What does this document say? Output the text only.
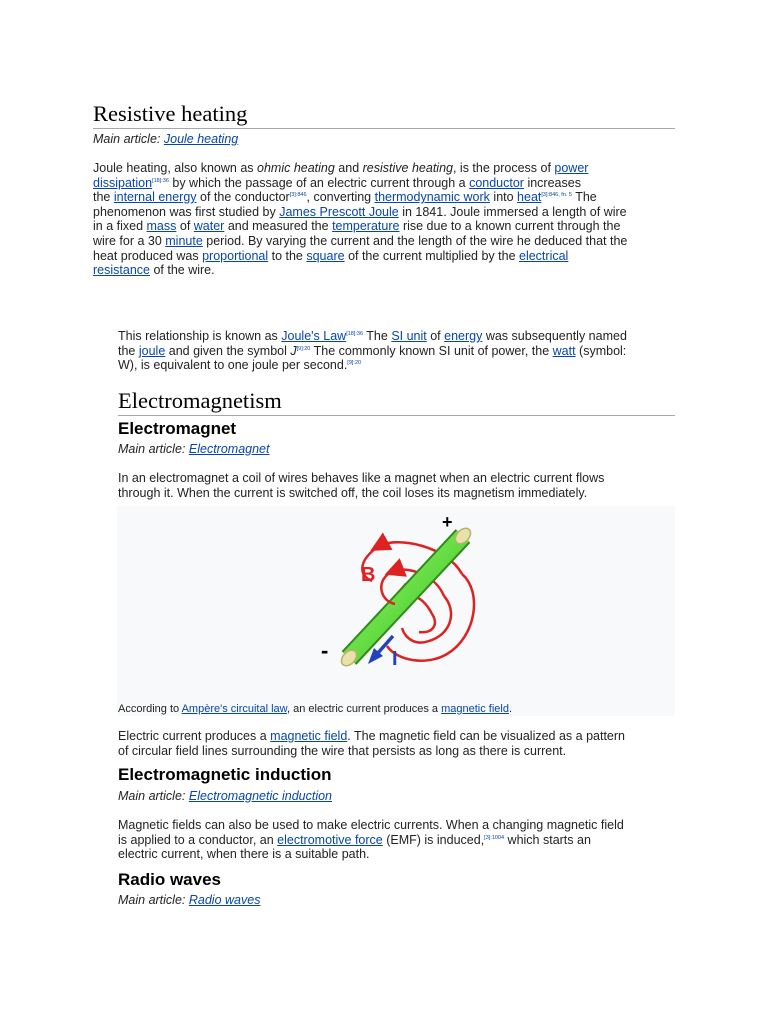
Resistive heating
Main article: Joule heating

Joule heating, also known as ohmic heating and resistive heating, is the process of power

dissipation$^{[18]:36}$ by which the passage of an electric current through a conductor increases

the internal energy of the conductor$^{[3]:846}$, converting thermodynamic work into heat$^{[3]:846, fn. 5}$ The

phenomenon was first studied by James Prescott Joule in 1841. Joule immersed a length of wire

in a fixed mass of water and measured the temperature rise due to a known current through the

wire for a 30 minute period. By varying the current and the length of the wire he deduced that the

heat produced was proportional to the square of the current multiplied by the electrical

resistance of the wire.

This relationship is known as Joule's Law$^{[18]:36}$ The SI unit of energy was subsequently named

the joule and given the symbol $J^{[9]:20}$ The commonly known SI unit of power, the watt (symbol:

W), is equivalent to one joule per second.$^{[9]:20}$

Electromagnetism
Electromagnet
Main article: Electromagnet

In an electromagnet a coil of wires behaves like a magnet when an electric current flows

through it. When the current is switched off, the coil loses its magnetism immediately.

+
-
B
I
According to Ampère's circuital law, an electric current produces a magnetic field.

Electric current produces a magnetic field. The magnetic field can be visualized as a pattern

of circular field lines surrounding the wire that persists as long as there is current.

Electromagnetic induction
Main article: Electromagnetic induction

Magnetic fields can also be used to make electric currents. When a changing magnetic field

is applied to a conductor, an electromotive force (EMF) is induced,$^{[3]:1004}$ which starts an

electric current, when there is a suitable path.

Radio waves
Main article: Radio waves
